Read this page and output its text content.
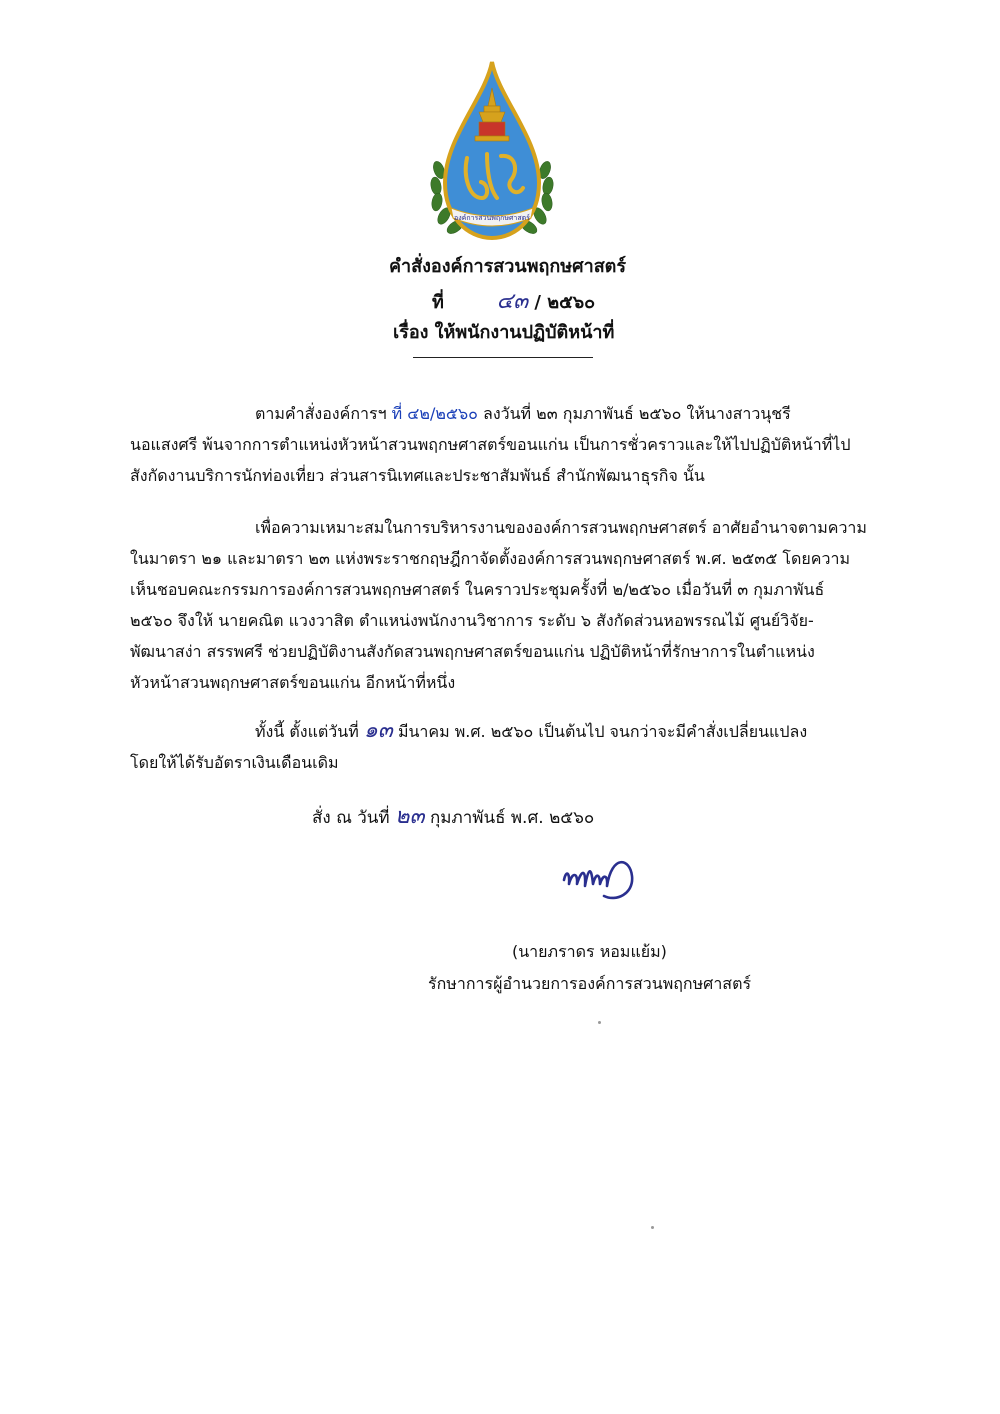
องค์การสวนพฤกษศาสตร์
คำสั่งองค์การสวนพฤกษศาสตร์
ที่ ๔๓ / ๒๕๖๐
เรื่อง ให้พนักงานปฏิบัติหน้าที่
ตามคำสั่งองค์การฯ ที่ ๔๒/๒๕๖๐ ลงวันที่ ๒๓ กุมภาพันธ์ ๒๕๖๐ ให้นางสาวนุชรี
นอแสงศรี พ้นจากการตำแหน่งหัวหน้าสวนพฤกษศาสตร์ขอนแก่น เป็นการชั่วคราวและให้ไปปฏิบัติหน้าที่ไป
สังกัดงานบริการนักท่องเที่ยว ส่วนสารนิเทศและประชาสัมพันธ์ สำนักพัฒนาธุรกิจ นั้น
เพื่อความเหมาะสมในการบริหารงานขององค์การสวนพฤกษศาสตร์ อาศัยอำนาจตามความ
ในมาตรา ๒๑ และมาตรา ๒๓ แห่งพระราชกฤษฎีกาจัดตั้งองค์การสวนพฤกษศาสตร์ พ.ศ. ๒๕๓๕ โดยความ
เห็นชอบคณะกรรมการองค์การสวนพฤกษศาสตร์ ในคราวประชุมครั้งที่ ๒/๒๕๖๐ เมื่อวันที่ ๓ กุมภาพันธ์
๒๕๖๐ จึงให้ นายคณิต แวงวาสิต ตำแหน่งพนักงานวิชาการ ระดับ ๖ สังกัดส่วนหอพรรณไม้ ศูนย์วิจัย-
พัฒนาสง่า สรรพศรี ช่วยปฏิบัติงานสังกัดสวนพฤกษศาสตร์ขอนแก่น ปฏิบัติหน้าที่รักษาการในตำแหน่ง
หัวหน้าสวนพฤกษศาสตร์ขอนแก่น อีกหน้าที่หนึ่ง
ทั้งนี้ ตั้งแต่วันที่ ๑๓ มีนาคม พ.ศ. ๒๕๖๐ เป็นต้นไป จนกว่าจะมีคำสั่งเปลี่ยนแปลง
โดยให้ได้รับอัตราเงินเดือนเดิม
สั่ง ณ วันที่ ๒๓ กุมภาพันธ์ พ.ศ. ๒๕๖๐
(นายภราดร หอมแย้ม)
รักษาการผู้อำนวยการองค์การสวนพฤกษศาสตร์
